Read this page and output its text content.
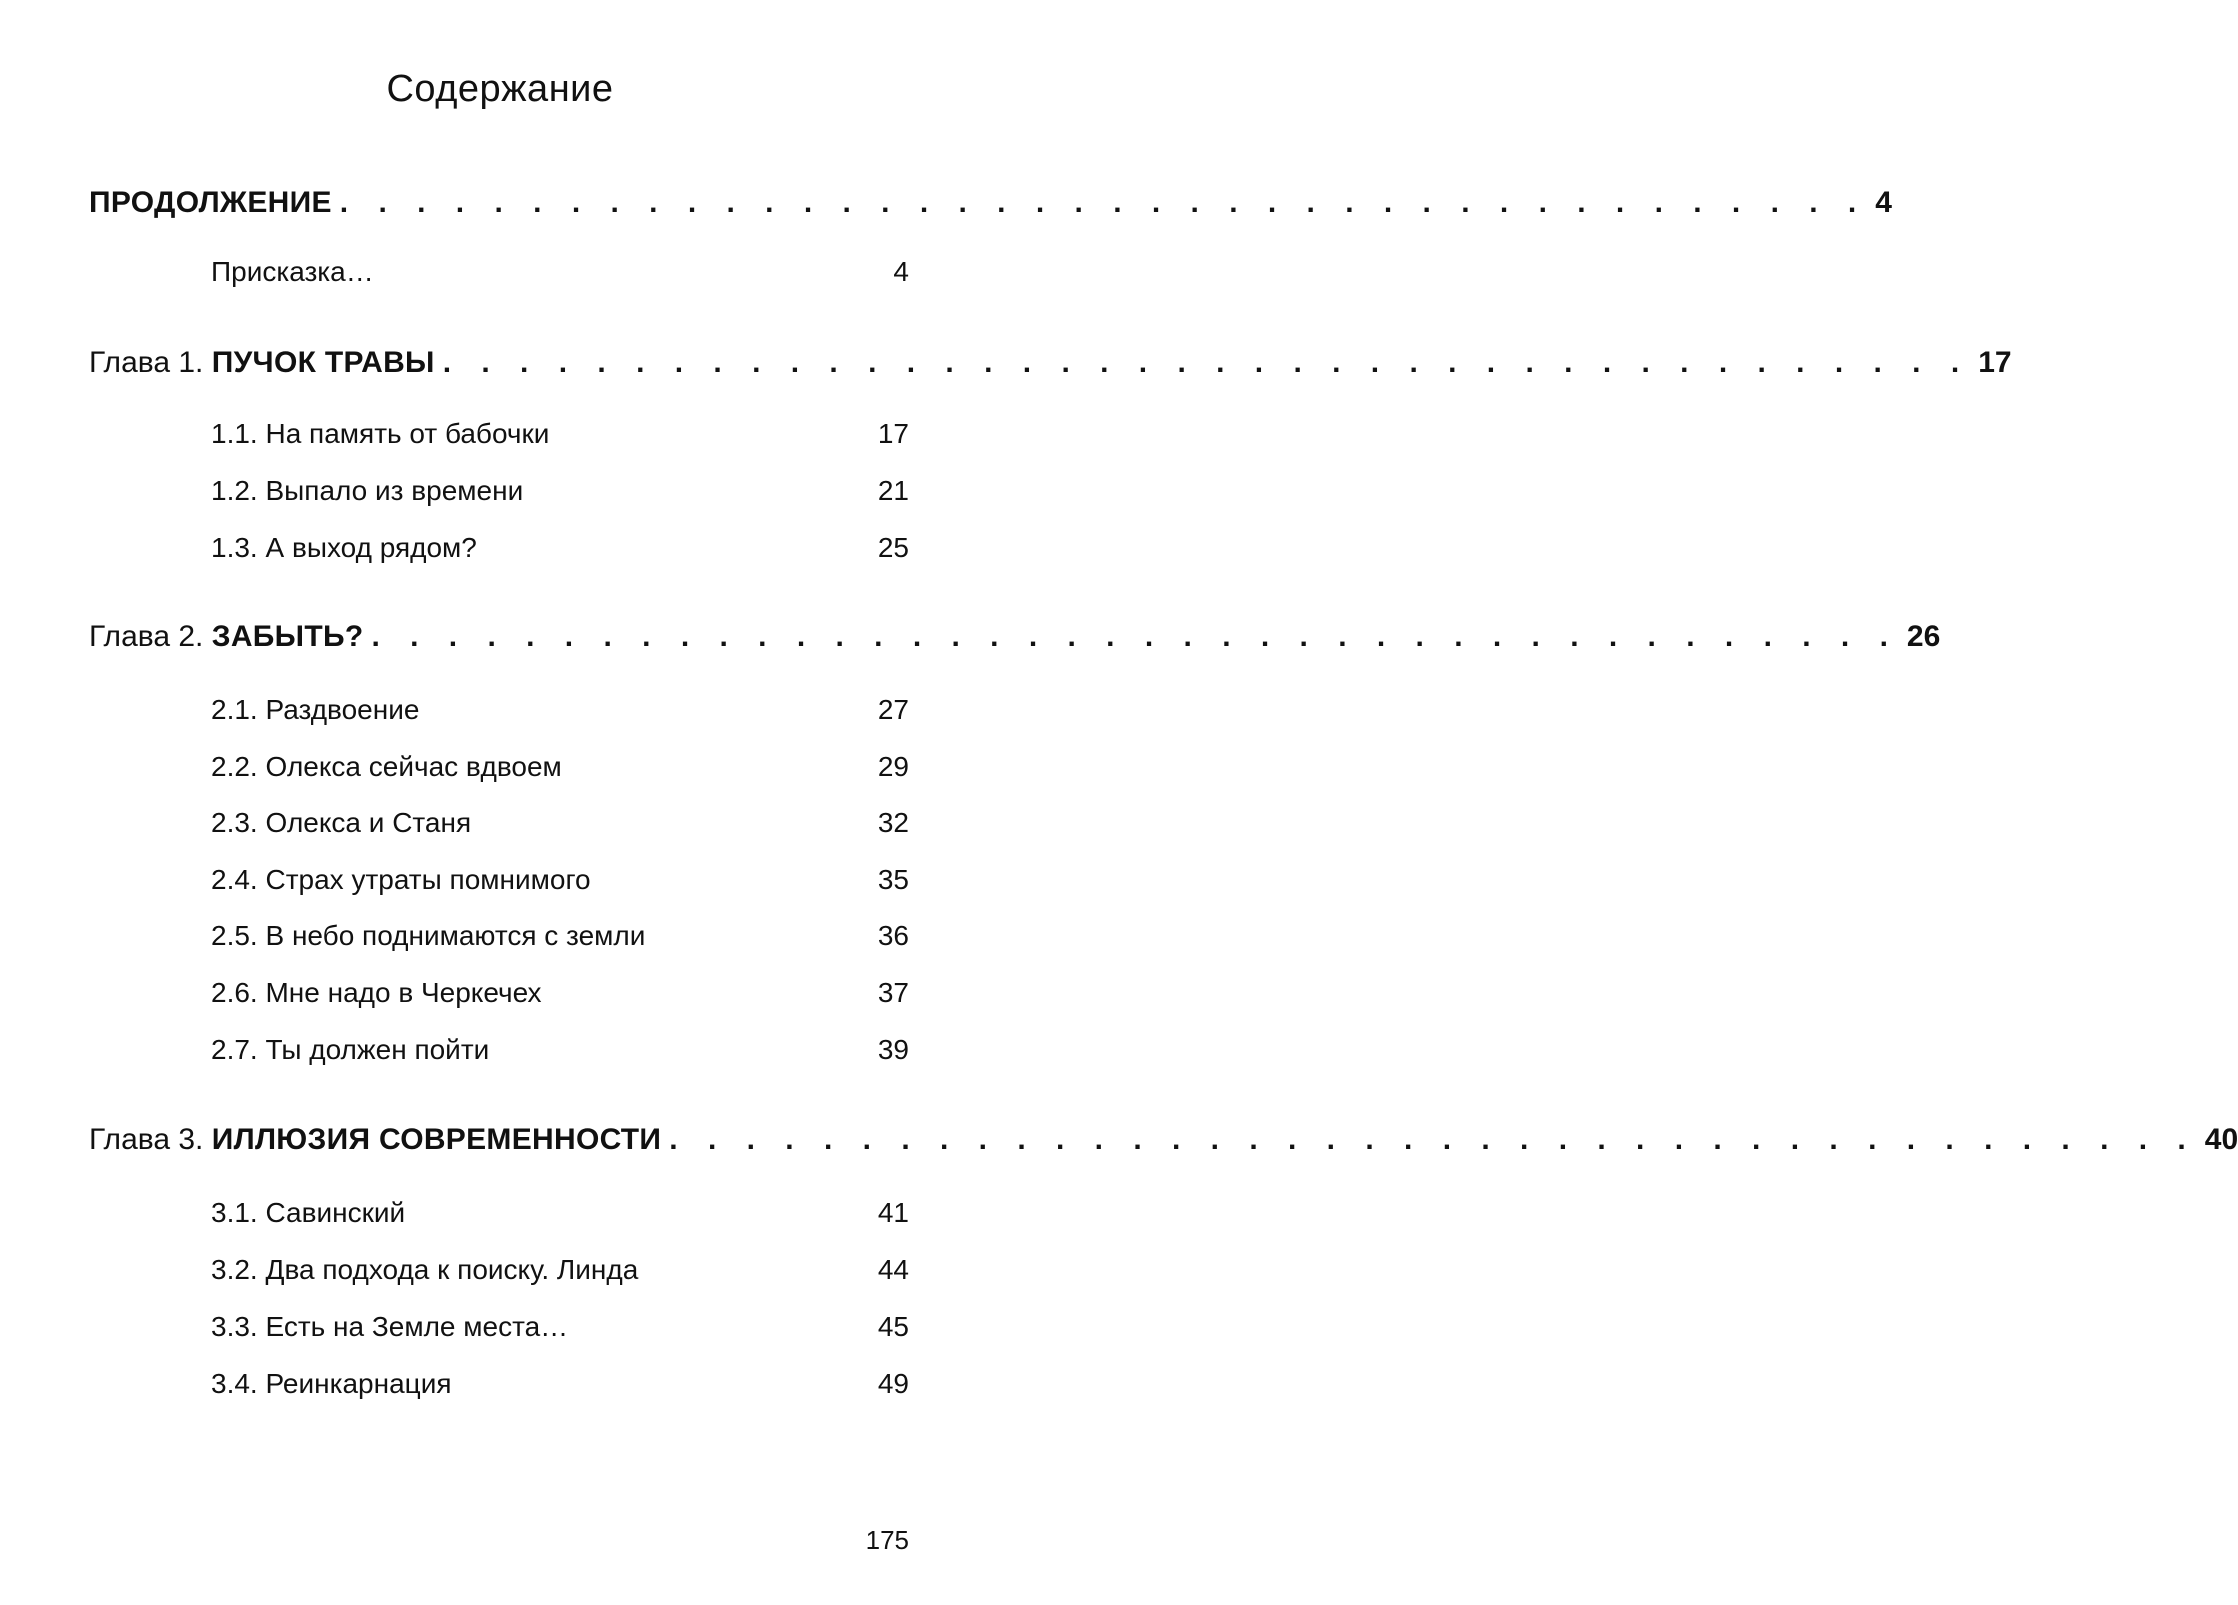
Содержание
ПРОДОЛЖЕНИЕ . . . . . . . . . . . . . . . . . . . . . . . . . . . . . . . . . . . . . . . . 4
Присказка…	4
Глава 1. ПУЧОК ТРАВЫ . . . . . . . . . . . . . . . . . . . . . . . . . . . . . . . . . . . . . . . . 17
1.1. На память от бабочки	17
1.2. Выпало из времени	21
1.3. А выход рядом?	25
Глава 2. ЗАБЫТЬ? . . . . . . . . . . . . . . . . . . . . . . . . . . . . . . . . . . . . . . . . 26
2.1. Раздвоение	27
2.2. Олекса сейчас вдвоем	29
2.3. Олекса и Станя	32
2.4. Страх утраты помнимого	35
2.5. В небо поднимаются с земли	36
2.6. Мне надо в Черкечех	37
2.7. Ты должен пойти	39
Глава 3. ИЛЛЮЗИЯ СОВРЕМЕННОСТИ . . . . . . . . . . . . . . . . . . . . . . . . . . . . . . . . . . . . . . . . 40
3.1. Савинский	41
3.2. Два подхода к поиску. Линда	44
3.3. Есть на Земле места…	45
3.4. Реинкарнация	49
175
